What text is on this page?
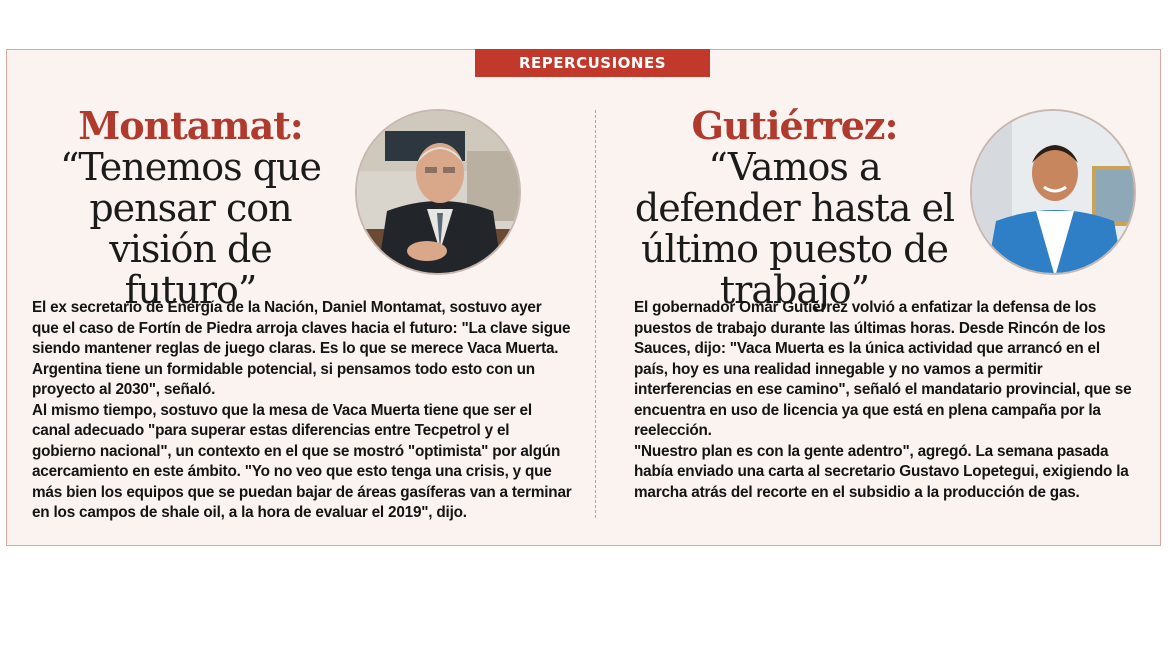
REPERCUSIONES
Montamat: “Tenemos que pensar con visión de futuro”

El ex secretario de Energía de la Nación, Daniel Montamat, sostuvo ayer que el caso de Fortín de Piedra arroja claves hacia el futuro: "La clave sigue siendo mantener reglas de juego claras. Es lo que se merece Vaca Muerta. Argentina tiene un formidable potencial, si pensamos todo esto con un proyecto al 2030", señaló.

Al mismo tiempo, sostuvo que la mesa de Vaca Muerta tiene que ser el canal adecuado "para superar estas diferencias entre Tecpetrol y el gobierno nacional", un contexto en el que se mostró "optimista" por algún acercamiento en este ámbito. "Yo no veo que esto tenga una crisis, y que más bien los equipos que se puedan bajar de áreas gasíferas van a terminar en los campos de shale oil, a la hora de evaluar el 2019", dijo.

Gutiérrez: “Vamos a defender hasta el último puesto de trabajo”

El gobernador Omar Gutiérrez volvió a enfatizar la defensa de los puestos de trabajo durante las últimas horas. Desde Rincón de los Sauces, dijo: "Vaca Muerta es la única actividad que arrancó en el país, hoy es una realidad innegable y no vamos a permitir interferencias en ese camino", señaló el mandatario provincial, que se encuentra en uso de licencia ya que está en plena campaña por la reelección.

"Nuestro plan es con la gente adentro", agregó. La semana pasada había enviado una carta al secretario Gustavo Lopetegui, exigiendo la marcha atrás del recorte en el subsidio a la producción de gas.
